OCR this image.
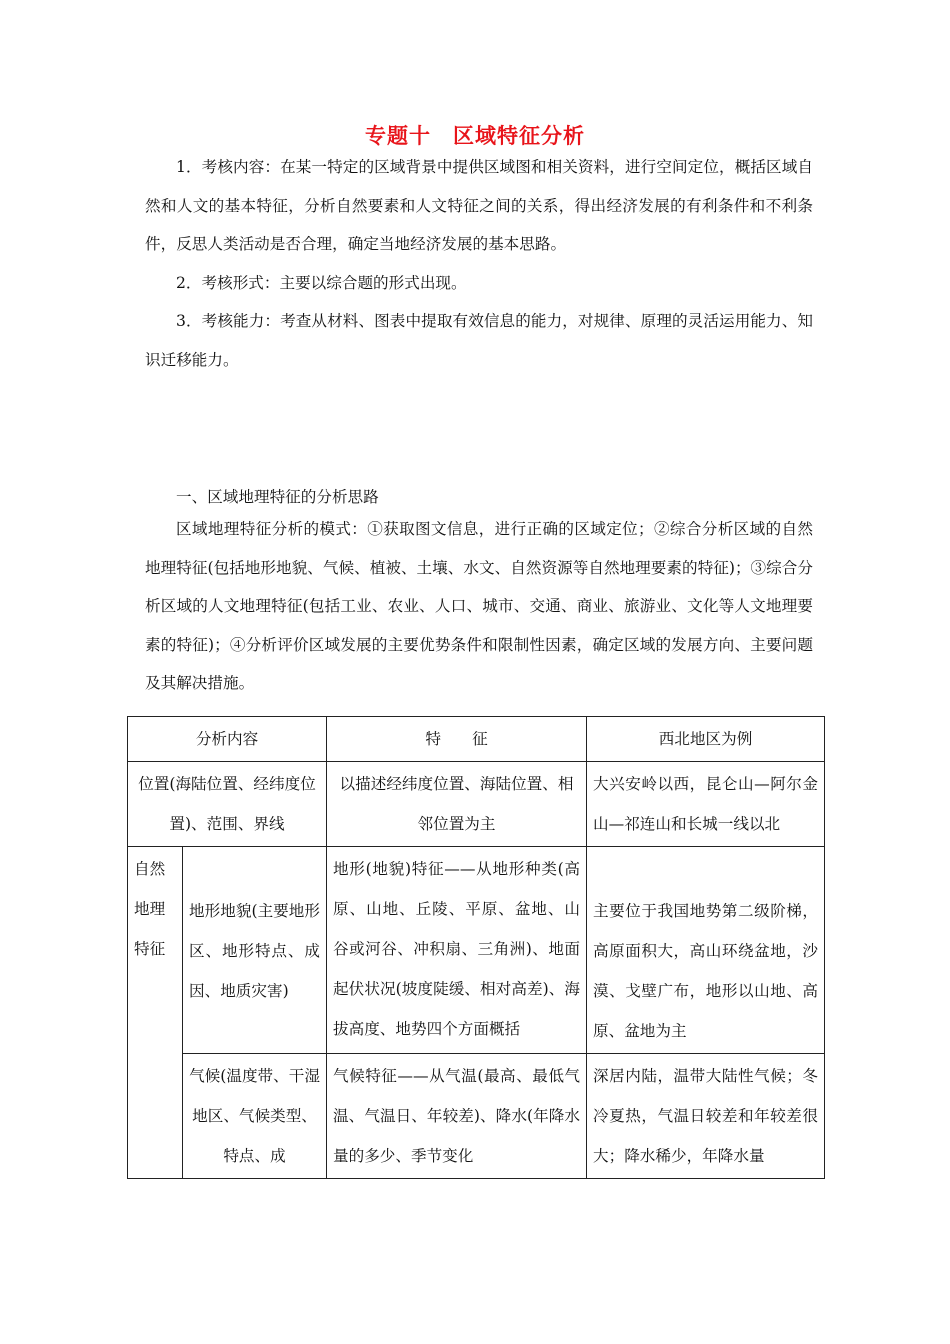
专题十　区域特征分析

1．考核内容：在某一特定的区域背景中提供区域图和相关资料，进行空间定位，概括区域自然和人文的基本特征，分析自然要素和人文特征之间的关系，得出经济发展的有利条件和不利条件，反思人类活动是否合理，确定当地经济发展的基本思路。

2．考核形式：主要以综合题的形式出现。

3．考核能力：考查从材料、图表中提取有效信息的能力，对规律、原理的灵活运用能力、知识迁移能力。

一、区域地理特征的分析思路

区域地理特征分析的模式：①获取图文信息，进行正确的区域定位；②综合分析区域的自然地理特征(包括地形地貌、气候、植被、土壤、水文、自然资源等自然地理要素的特征)；③综合分析区域的人文地理特征(包括工业、农业、人口、城市、交通、商业、旅游业、文化等人文地理要素的特征)；④分析评价区域发展的主要优势条件和限制性因素，确定区域的发展方向、主要问题及其解决措施。

分析内容		特　　征	西北地区为例
位置(海陆位置、经纬度位置)、范围、界线		以描述经纬度位置、海陆位置、相邻位置为主	大兴安岭以西，昆仑山—阿尔金山—祁连山和长城一线以北
自然地理特征	地形地貌(主要地形区、地形特点、成因、地质灾害)	地形(地貌)特征——从地形种类(高原、山地、丘陵、平原、盆地、山谷或河谷、冲积扇、三角洲)、地面起伏状况(坡度陡缓、相对高差)、海拔高度、地势四个方面概括	主要位于我国地势第二级阶梯，高原面积大，高山环绕盆地，沙漠、戈壁广布，地形以山地、高原、盆地为主
	气候(温度带、干湿地区、气候类型、特点、成	气候特征——从气温(最高、最低气温、气温日、年较差)、降水(年降水量的多少、季节变化	深居内陆，温带大陆性气候；冬冷夏热，气温日较差和年较差很大；降水稀少，年降水量
